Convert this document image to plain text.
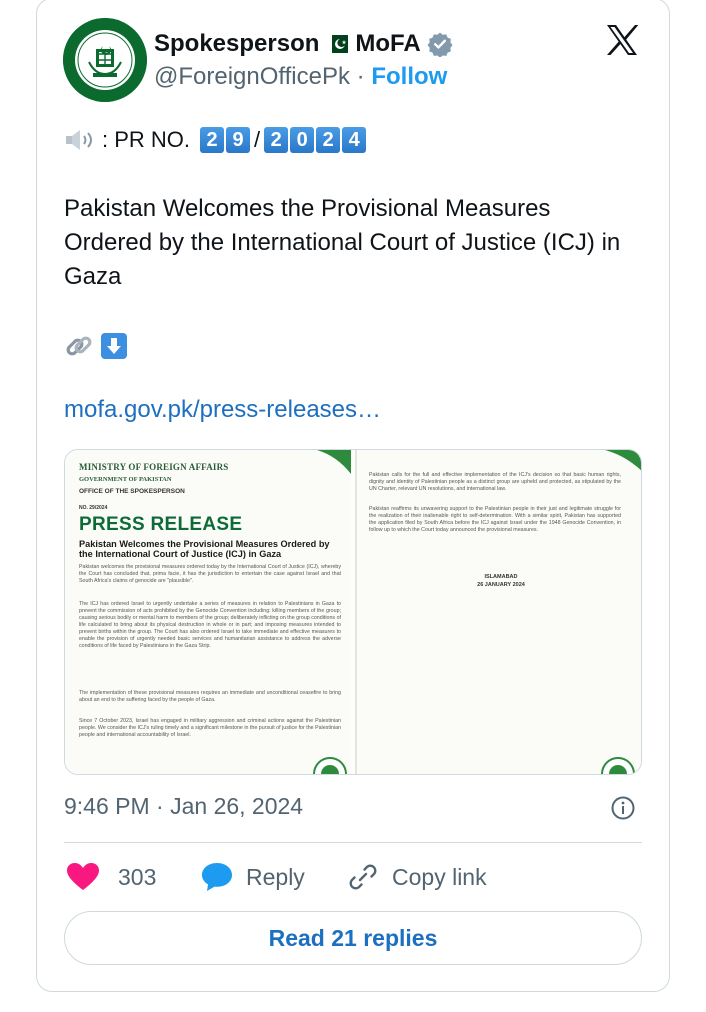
Spokesperson MoFA
@ForeignOfficePk · Follow
: PR NO. 2 9 / 2 0 2 4
Pakistan Welcomes the Provisional Measures Ordered by the International Court of Justice (ICJ) in Gaza
mofa.gov.pk/press-releases…
MINISTRY OF FOREIGN AFFAIRS
GOVERNMENT OF PAKISTAN
OFFICE OF THE SPOKESPERSON
NO. 29/2024
PRESS RELEASE
Pakistan Welcomes the Provisional Measures Ordered by the International Court of Justice (ICJ) in Gaza
Pakistan welcomes the provisional measures ordered today by the International Court of Justice (ICJ), whereby the Court has concluded that, prima facie, it has the jurisdiction to entertain the case against Israel and that South Africa's claims of genocide are "plausible".
The ICJ has ordered Israel to urgently undertake a series of measures in relation to Palestinians in Gaza to prevent the commission of acts prohibited by the Genocide Convention including: killing members of the group; causing serious bodily or mental harm to members of the group; deliberately inflicting on the group conditions of life calculated to bring about its physical destruction in whole or in part; and imposing measures intended to prevent births within the group. The Court has also ordered Israel to take immediate and effective measures to enable the provision of urgently needed basic services and humanitarian assistance to address the adverse conditions of life faced by Palestinians in the Gaza Strip.
The implementation of these provisional measures requires an immediate and unconditional ceasefire to bring about an end to the suffering faced by the people of Gaza.
Since 7 October 2023, Israel has engaged in military aggression and criminal actions against the Palestinian people. We consider the ICJ's ruling timely and a significant milestone in the pursuit of justice for the Palestinian people and international accountability of Israel.
Pakistan calls for the full and effective implementation of the ICJ's decision so that basic human rights, dignity and identity of Palestinian people as a distinct group are upheld and protected, as stipulated by the UN Charter, relevant UN resolutions, and international law.
Pakistan reaffirms its unwavering support to the Palestinian people in their just and legitimate struggle for the realization of their inalienable right to self-determination. With a similar spirit, Pakistan has supported the application filed by South Africa before the ICJ against Israel under the 1948 Genocide Convention, in follow up to which the Court today announced the provisional measures.
ISLAMABAD
26 JANUARY 2024
9:46 PM · Jan 26, 2024
303	Reply	Copy link
Read 21 replies
